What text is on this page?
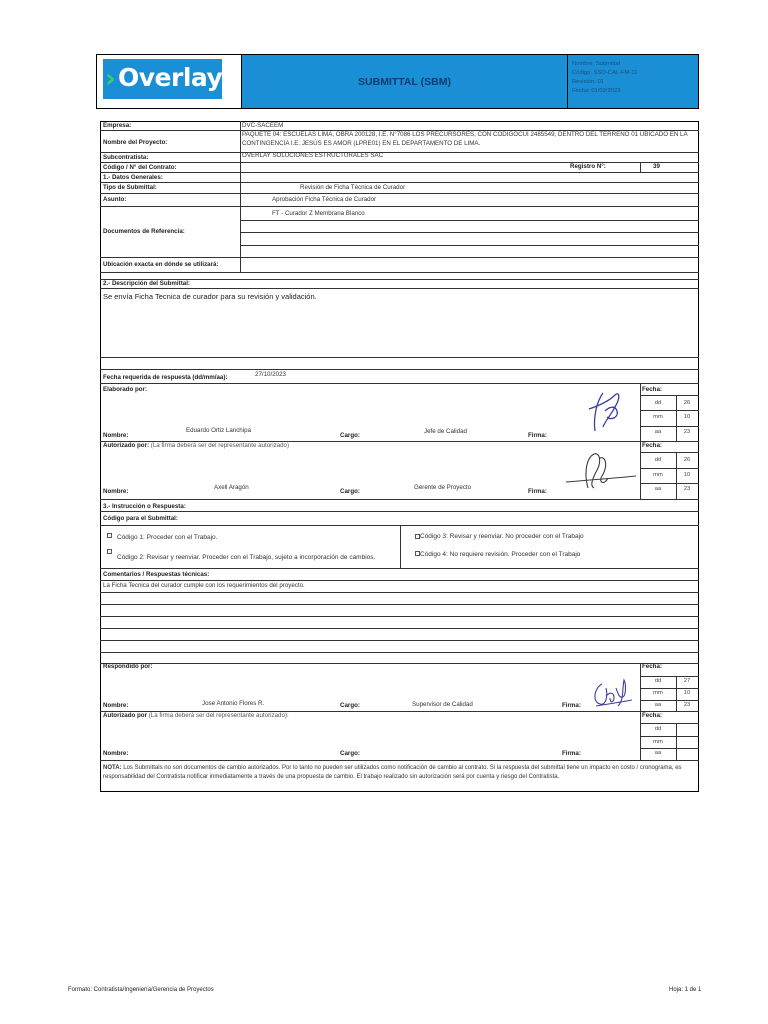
› Overlay	SUBMITTAL (SBM)
Nombre: Submittal
Código: SSO-CAL-FM-11
Revisión: 01
Fecha: 01/02/2023
Empresa:	DVC-SACEEM
Nombre del Proyecto:
PAQUETE 04: ESCUELAS LIMA, OBRA 200128, I.E. N°7086 LOS PRECURSORES, CON CÓDIGOCUI 2485549, DENTRO DEL TERRENO 01 UBICADO EN LA CONTINGENCIA I.E. JESÚS ES AMOR (LPRE01) EN EL DEPARTAMENTO DE LIMA.
Subcontratista:	OVERLAY SOLUCIONES ESTRUCTURALES SAC
Código / N° del Contrato:	Registro N°:	39
1.- Datos Generales:
Tipo de Submittal:	Revisión de Ficha Técnica de Curador
Asunto:	Aprobación Ficha Técnica de Curador
Documentos de Referencia:
FT - Curador Z Membrana Blanco
Ubicación exacta en dónde se utilizará:
2.- Descripción del Submittal:
Se envía Ficha Tecnica de curador para su revisión y validación.
Fecha requerida de respuesta (dd/mm/aa):	27/10/2023
Elaborado por:	Fecha:
Nombre:
Eduardo Ortiz Lanchipa
Cargo:
Jefe de Calidad
Firma:
dd	26
mm	10
aa	23
Autorizado por: (La firma deberá ser del representante autorizado)	Fecha:
Nombre:
Axell Aragón
Cargo:
Gerente de Proyecto
Firma:
dd	26
mm	10
aa	23
3.- Instrucción o Respuesta:
Código para el Submittal:
Código 1: Proceder con el Trabajo.
Código 2: Revisar y reenviar. Proceder con el Trabajo, sujeto a incorporación de cambios.
Código 3: Revisar y reenviar. No proceder con el Trabajo
Código 4: No requiere revisión. Proceder con el Trabajo
Comentarios / Respuestas técnicas:
La Ficha Tecnica del curador cumple con los requerimientos del proyecto.
Respondido por:	Fecha:
Nombre:	Jose Antonio Flores R.	Cargo:	Supervisor de Calidad	Firma:
dd	27
mm	10
aa	23
Autorizado por (La firma deberá ser del representante autorizado):	Fecha:
Nombre:	Cargo:	Firma:
dd
mm
aa
NOTA: Los Submittals no son documentos de cambio autorizados. Por lo tanto no pueden ser utilizados como notificación de cambio al contrato. Si la respuesta del submittal tiene un impacto en costo / cronograma, es responsabilidad del Contratista notificar inmediatamente a través de una propuesta de cambio. El trabajo realizado sin autorización será por cuenta y riesgo del Contratista.
Formato: Contratista/Ingeniería/Gerencia de Proyectos	Hoja: 1 de 1
